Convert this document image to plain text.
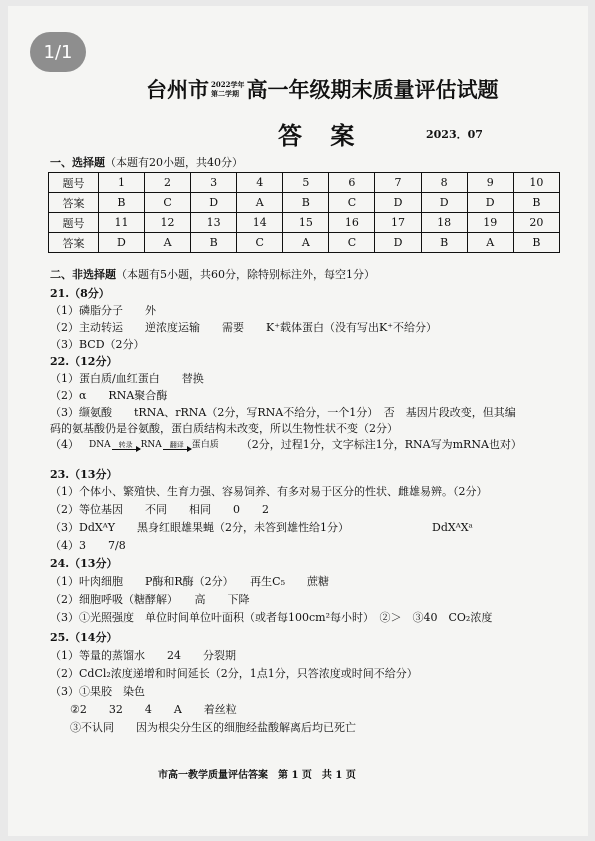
台州市 2022学年
第二学期 高一年级期末质量评估试题
答 案	2023．07
一、选择题（本题有20小题，共40分）
题号	1	2	3	4	5	6	7	8	9	10
答案	B	C	D	A	B	C	D	D	D	B
题号	11	12	13	14	15	16	17	18	19	20
答案	D	A	B	C	A	C	D	B	A	B
二、非选择题（本题有5小题，共60分，除特别标注外，每空1分）
21.（8分）
（1）磷脂分子　　外
（2）主动转运　　逆浓度运输　　需要　　K⁺载体蛋白（没有写出K⁺不给分）
（3）BCD（2分）
22.（12分）
（1）蛋白质/血红蛋白　　替换
（2）α　　RNA聚合酶
（3）缬氨酸　　tRNA、rRNA（2分，写RNA不给分，一个1分）　否　基因片段改变，但其编
码的氨基酸仍是谷氨酸，蛋白质结构未改变，所以生物性状不变（2分）
（4） DNA 转录 RNA 翻译 蛋白质 （2分，过程1分，文字标注1分，RNA写为mRNA也对）
23.（13分）
（1）个体小、繁殖快、生育力强、容易饲养、有多对易于区分的性状、雌雄易辨。（2分）
（2）等位基因　　不同　　相同　　0　　2
（3）DdXᴬY　　黑身红眼雄果蝇（2分，未答到雄性给1分）	DdXᴬXᵃ
（4）3　　7/8
24.（13分）
（1）叶肉细胞　　P酶和R酶（2分）　　再生C₅　　蔗糖
（2）细胞呼吸（糖酵解）　　高　　下降
（3）①光照强度　单位时间单位叶面积（或者每100cm²每小时）　②＞　③40　CO₂浓度
25.（14分）
（1）等量的蒸馏水　　24　　分裂期
（2）CdCl₂浓度递增和时间延长（2分，1点1分，只答浓度或时间不给分）
（3）①果胶　染色
②2　　32　　4　　A　　着丝粒
③不认同　　因为根尖分生区的细胞经盐酸解离后均已死亡
市高一教学质量评估答案　第 1 页　共 1 页
1/1
